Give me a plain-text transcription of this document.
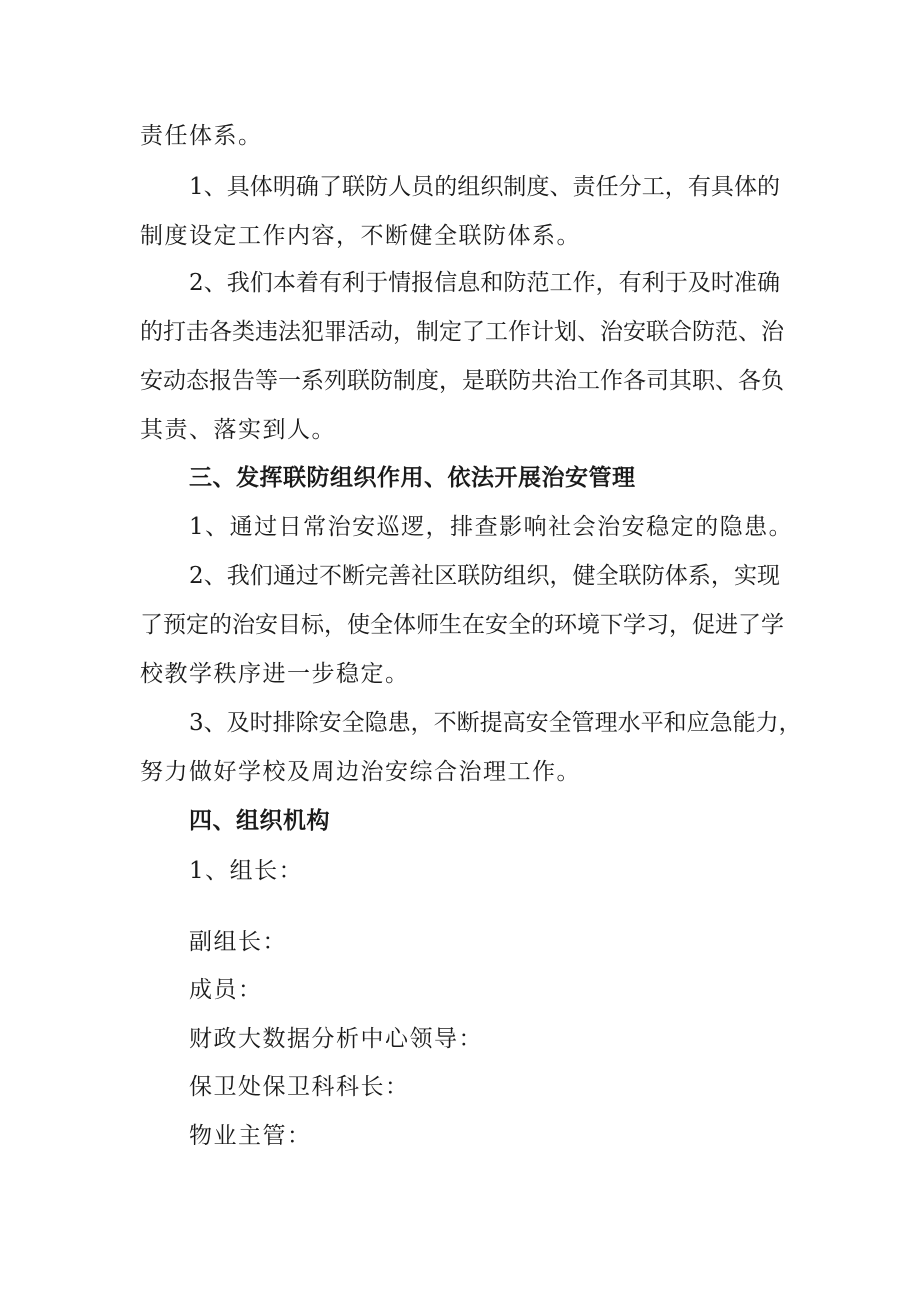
责任体系。
1、具体明确了联防人员的组织制度、责任分工，有具体的
制度设定工作内容，不断健全联防体系。
2、我们本着有利于情报信息和防范工作，有利于及时准确
的打击各类违法犯罪活动，制定了工作计划、治安联合防范、治
安动态报告等一系列联防制度，是联防共治工作各司其职、各负
其责、落实到人。
三、发挥联防组织作用、依法开展治安管理
1、通过日常治安巡逻，排查影响社会治安稳定的隐患。
2、我们通过不断完善社区联防组织，健全联防体系，实现
了预定的治安目标，使全体师生在安全的环境下学习，促进了学
校教学秩序进一步稳定。
3、及时排除安全隐患，不断提高安全管理水平和应急能力，
努力做好学校及周边治安综合治理工作。
四、组织机构
1、组长：
副组长：
成员：
财政大数据分析中心领导：
保卫处保卫科科长：
物业主管：
